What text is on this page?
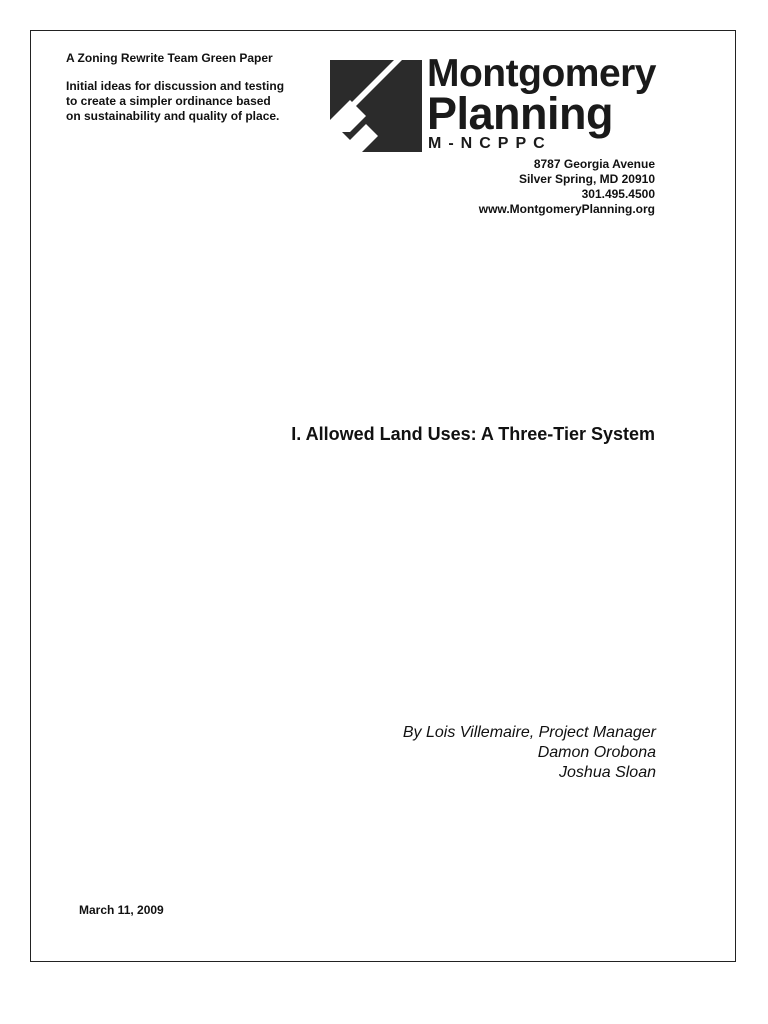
A Zoning Rewrite Team Green Paper
Initial ideas for discussion and testing
to create a simpler ordinance based
on sustainability and quality of place.
Montgomery
Planning
M-NCPPC
8787 Georgia Avenue
Silver Spring, MD 20910
301.495.4500
www.MontgomeryPlanning.org
I. Allowed Land Uses: A Three-Tier System
By Lois Villemaire, Project Manager
Damon Orobona
Joshua Sloan
March 11, 2009
